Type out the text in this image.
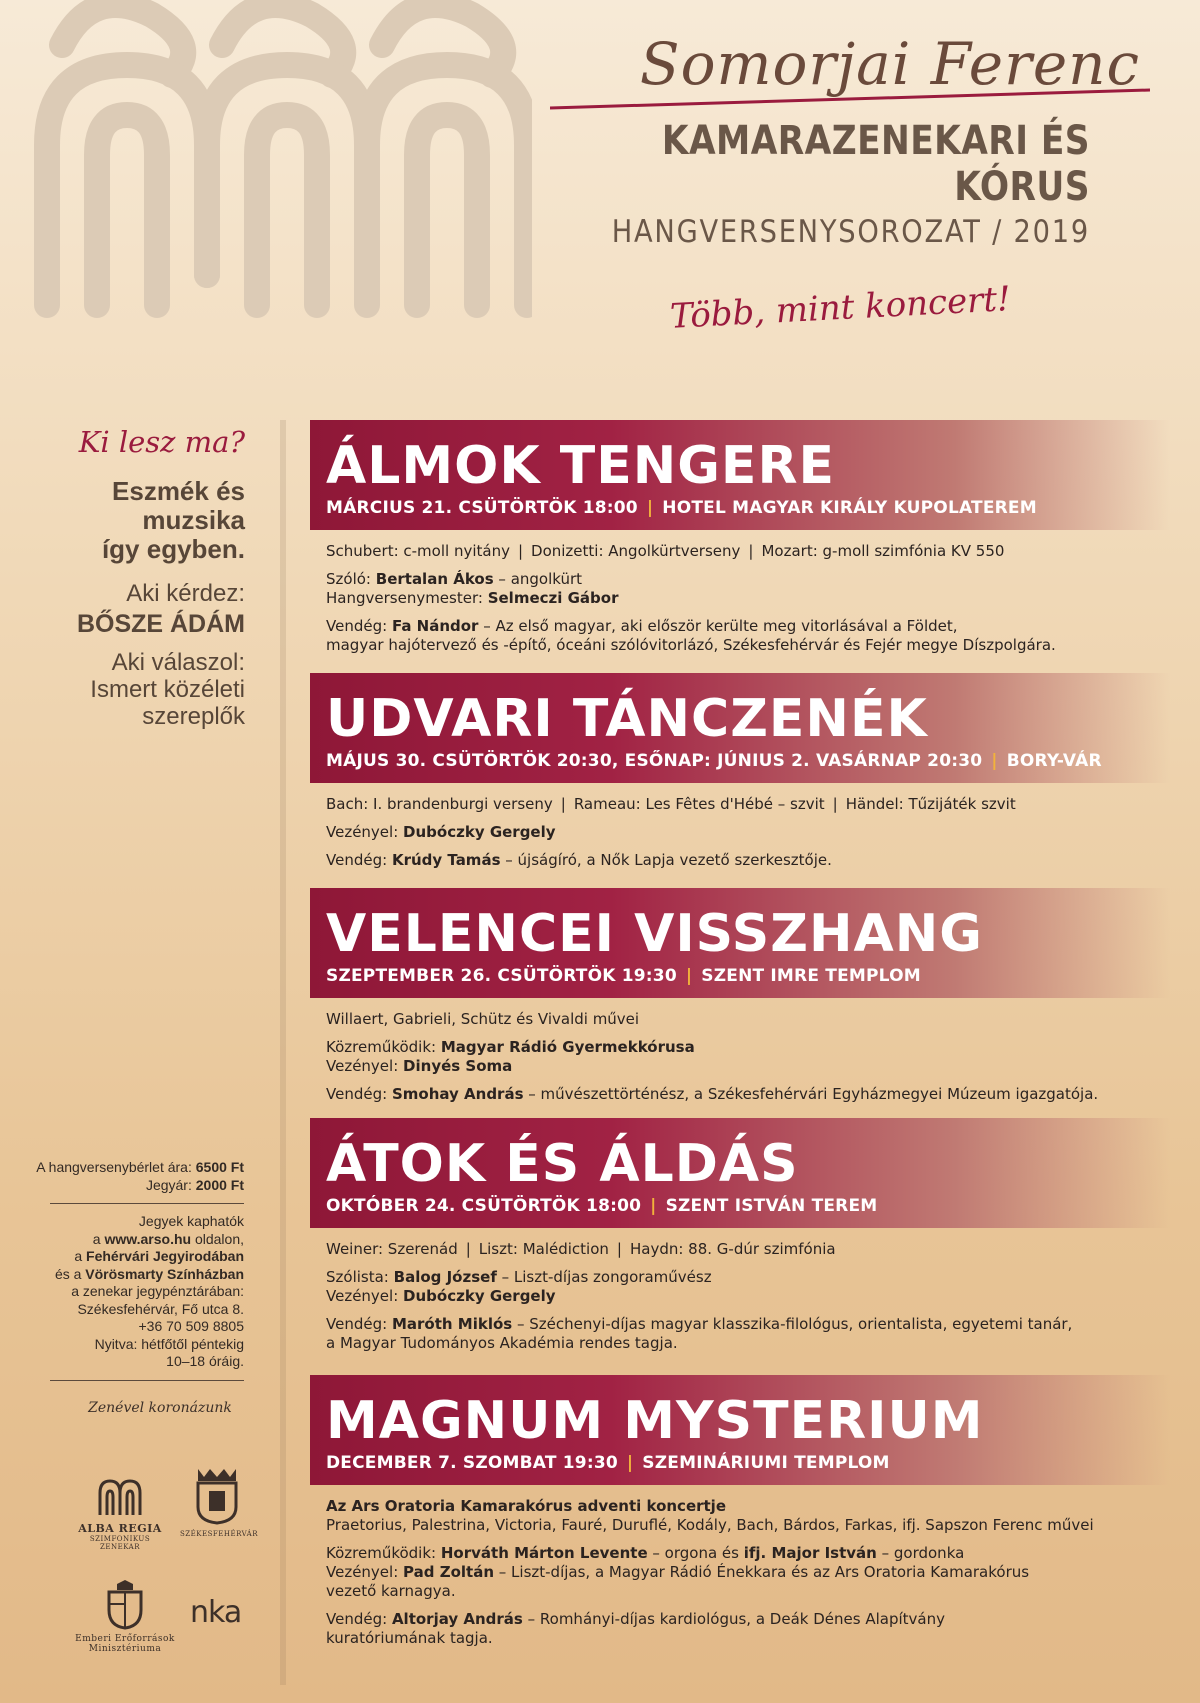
Somorjai Ferenc
KAMARAZENEKARI ÉS KÓRUS
HANGVERSENYSOROZAT / 2019
Több, mint koncert!
Ki lesz ma?
Eszmék és
muzsika
így egyben.
Aki kérdez:
BŐSZE ÁDÁM
Aki válaszol:
Ismert közéleti
szereplők
A hangversenybérlet ára: 6500 Ft
Jegyár: 2000 Ft
Jegyek kaphatók
a www.arso.hu oldalon,
a Fehérvári Jegyirodában
és a Vörösmarty Színházban
a zenekar jegypénztárában:
Székesfehérvár, Fő utca 8.
+36 70 509 8805
Nyitva: hétfőtől péntekig
10–18 óráig.
Zenével koronázunk
ALBA REGIA
SZIMFONIKUS ZENEKAR
SZÉKESFEHÉRVÁR
Emberi Erőforrások
Minisztériuma
nka
ÁLMOK TENGERE
MÁRCIUS 21. CSÜTÖRTÖK 18:00 | HOTEL MAGYAR KIRÁLY KUPOLATEREM

Schubert: c-moll nyitány | Donizetti: Angolkürtverseny | Mozart: g-moll szimfónia KV 550

Szóló: Bertalan Ákos – angolkürt
Hangversenymester: Selmeczi Gábor

Vendég: Fa Nándor – Az első magyar, aki először kerülte meg vitorlásával a Földet,
magyar hajótervező és -építő, óceáni szólóvitorlázó, Székesfehérvár és Fejér megye Díszpolgára.

UDVARI TÁNCZENÉK
MÁJUS 30. CSÜTÖRTÖK 20:30, ESŐNAP: JÚNIUS 2. VASÁRNAP 20:30 | BORY-VÁR

Bach: I. brandenburgi verseny | Rameau: Les Fêtes d'Hébé – szvit | Händel: Tűzijáték szvit

Vezényel: Dubóczky Gergely

Vendég: Krúdy Tamás – újságíró, a Nők Lapja vezető szerkesztője.

VELENCEI VISSZHANG
SZEPTEMBER 26. CSÜTÖRTÖK 19:30 | SZENT IMRE TEMPLOM

Willaert, Gabrieli, Schütz és Vivaldi művei

Közreműködik: Magyar Rádió Gyermekkórusa
Vezényel: Dinyés Soma

Vendég: Smohay András – művészettörténész, a Székesfehérvári Egyházmegyei Múzeum igazgatója.

ÁTOK ÉS ÁLDÁS
OKTÓBER 24. CSÜTÖRTÖK 18:00 | SZENT ISTVÁN TEREM

Weiner: Szerenád | Liszt: Malédiction | Haydn: 88. G-dúr szimfónia

Szólista: Balog József – Liszt-díjas zongoraművész
Vezényel: Dubóczky Gergely

Vendég: Maróth Miklós – Széchenyi-díjas magyar klasszika-filológus, orientalista, egyetemi tanár,
a Magyar Tudományos Akadémia rendes tagja.

MAGNUM MYSTERIUM
DECEMBER 7. SZOMBAT 19:30 | SZEMINÁRIUMI TEMPLOM

Az Ars Oratoria Kamarakórus adventi koncertje
Praetorius, Palestrina, Victoria, Fauré, Duruflé, Kodály, Bach, Bárdos, Farkas, ifj. Sapszon Ferenc művei

Közreműködik: Horváth Márton Levente – orgona és ifj. Major István – gordonka
Vezényel: Pad Zoltán – Liszt-díjas, a Magyar Rádió Énekkara és az Ars Oratoria Kamarakórus
vezető karnagya.

Vendég: Altorjay András – Romhányi-díjas kardiológus, a Deák Dénes Alapítvány
kuratóriumának tagja.
